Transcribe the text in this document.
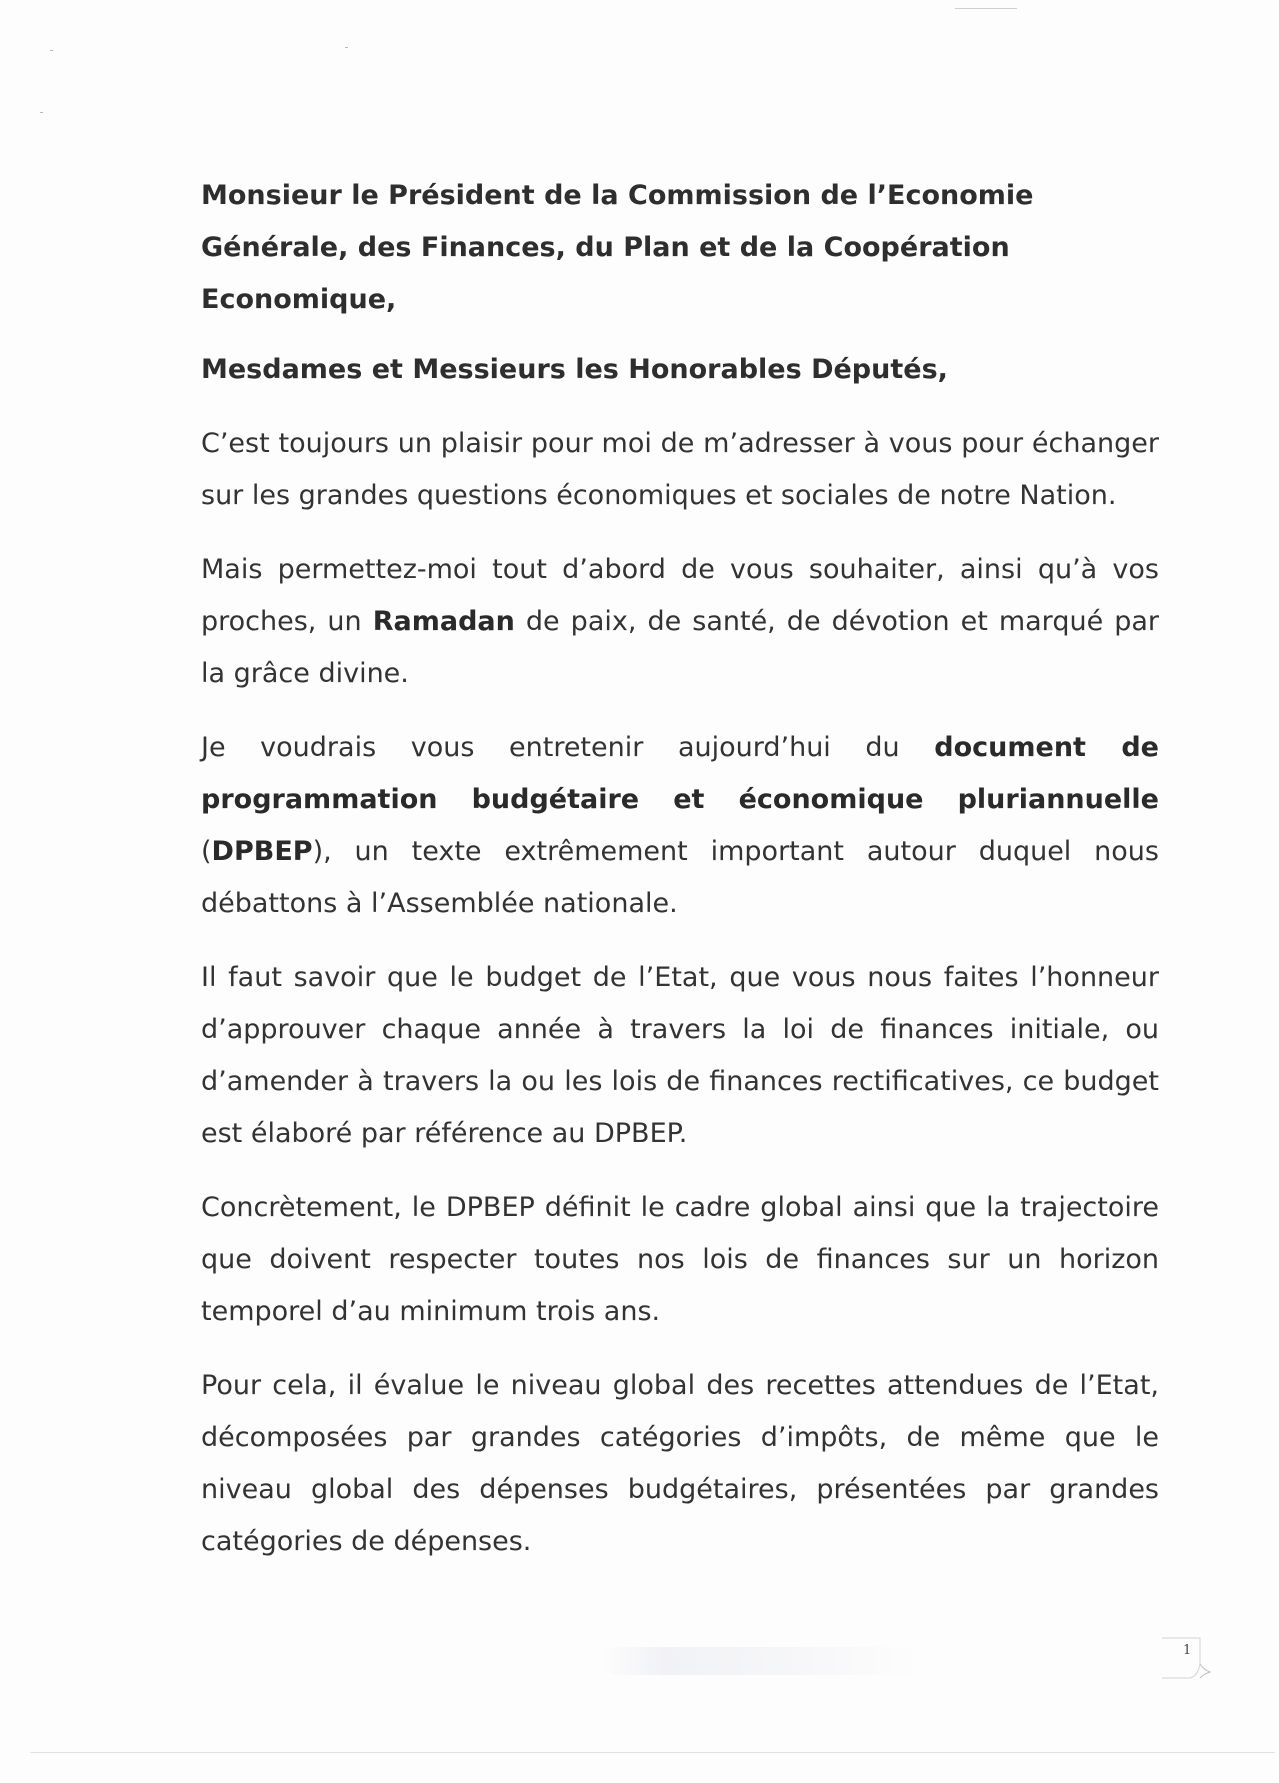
Monsieur le Président de la Commission de l’Economie Générale, des Finances, du Plan et de la Coopération Economique,
Mesdames et Messieurs les Honorables Députés,

C’est toujours un plaisir pour moi de m’adresser à vous pour échanger sur les grandes questions économiques et sociales de notre Nation.

Mais permettez-moi tout d’abord de vous souhaiter, ainsi qu’à vos proches, un Ramadan de paix, de santé, de dévotion et marqué par la grâce divine.

Je voudrais vous entretenir aujourd’hui du document de programmation budgétaire et économique pluriannuelle (DPBEP), un texte extrêmement important autour duquel nous débattons à l’Assemblée nationale.

Il faut savoir que le budget de l’Etat, que vous nous faites l’honneur d’approuver chaque année à travers la loi de finances initiale, ou d’amender à travers la ou les lois de finances rectificatives, ce budget est élaboré par référence au DPBEP.

Concrètement, le DPBEP définit le cadre global ainsi que la trajectoire que doivent respecter toutes nos lois de finances sur un horizon temporel d’au minimum trois ans.

Pour cela, il évalue le niveau global des recettes attendues de l’Etat, décomposées par grandes catégories d’impôts, de même que le niveau global des dépenses budgétaires, présentées par grandes catégories de dépenses.

1
